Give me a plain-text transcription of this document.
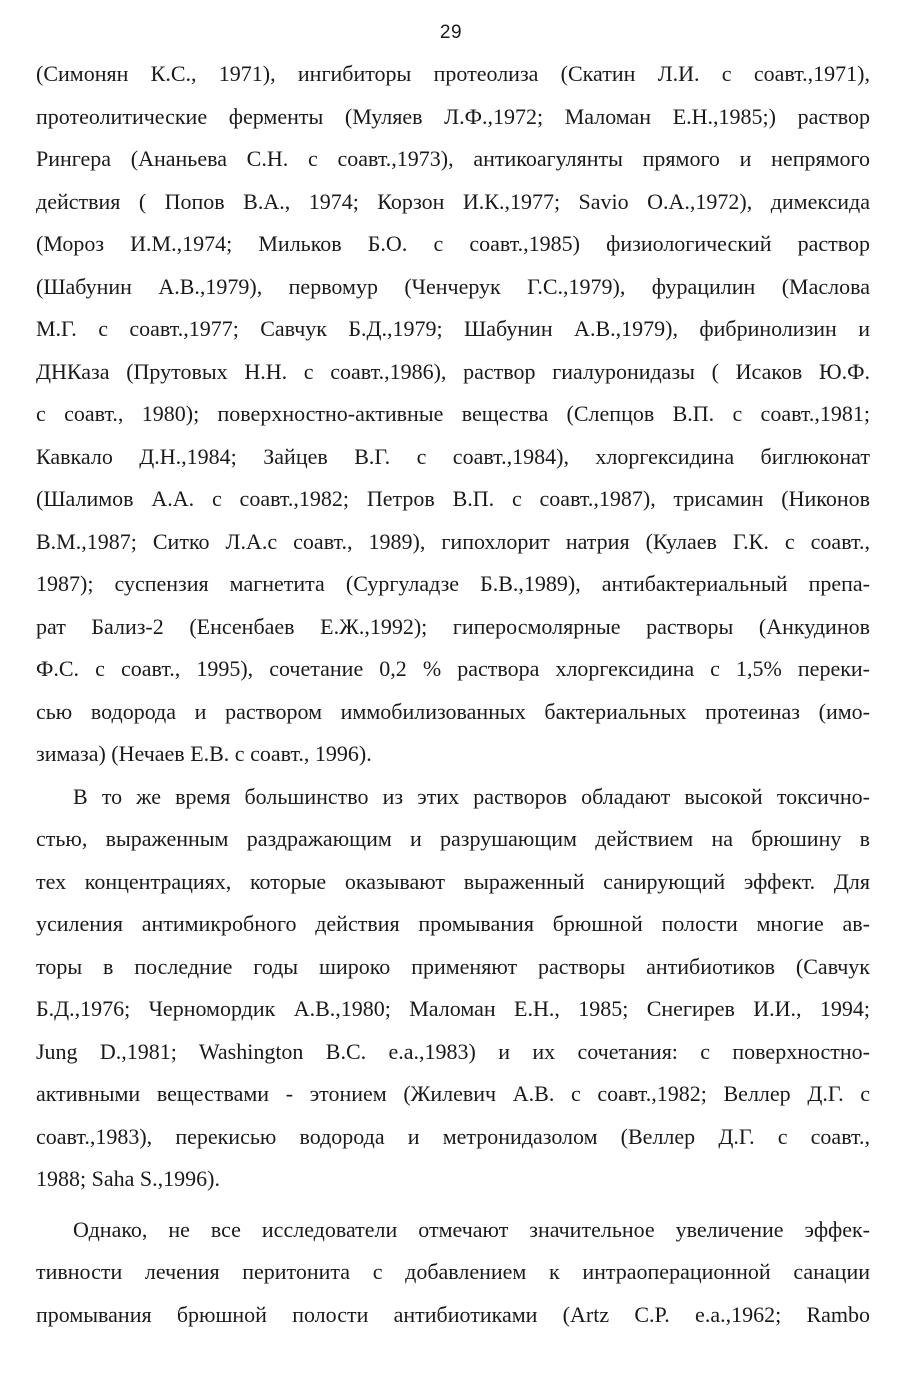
29
(Симонян К.С., 1971), ингибиторы протеолиза (Скатин Л.И. с соавт.,1971),
протеолитические ферменты (Муляев Л.Ф.,1972; Маломан Е.Н.,1985;) раствор
Рингера (Ананьева С.Н. с соавт.,1973), антикоагулянты прямого и непрямого
действия ( Попов В.А., 1974; Корзон И.К.,1977; Savio O.A.,1972), димексида
(Мороз И.М.,1974; Мильков Б.О. с соавт.,1985) физиологический раствор
(Шабунин А.В.,1979), первомур (Ченчерук Г.С.,1979), фурацилин (Маслова
М.Г. с соавт.,1977; Савчук Б.Д.,1979; Шабунин А.В.,1979), фибринолизин и
ДНКаза (Прутовых Н.Н. с соавт.,1986), раствор гиалуронидазы ( Исаков Ю.Ф.
с соавт., 1980); поверхностно-активные вещества (Слепцов В.П. с соавт.,1981;
Кавкало Д.Н.,1984; Зайцев В.Г. с соавт.,1984), хлоргексидина биглюконат
(Шалимов А.А. с соавт.,1982; Петров В.П. с соавт.,1987), трисамин (Никонов
В.М.,1987; Ситко Л.А.с соавт., 1989), гипохлорит натрия (Кулаев Г.К. с соавт.,
1987); суспензия магнетита (Сургуладзе Б.В.,1989), антибактериальный препа-
рат Бализ-2 (Енсенбаев Е.Ж.,1992); гиперосмолярные растворы (Анкудинов
Ф.С. с соавт., 1995), сочетание 0,2 % раствора хлоргексидина с 1,5% переки-
сью водорода и раствором иммобилизованных бактериальных протеиназ (имо-
зимаза) (Нечаев Е.В. с соавт., 1996).
В то же время большинство из этих растворов обладают высокой токсично-
стью, выраженным раздражающим и разрушающим действием на брюшину в
тех концентрациях, которые оказывают выраженный санирующий эффект. Для
усиления антимикробного действия промывания брюшной полости многие ав-
торы в последние годы широко применяют растворы антибиотиков (Савчук
Б.Д.,1976; Черномордик А.В.,1980; Маломан Е.Н., 1985; Снегирев И.И., 1994;
Jung D.,1981; Washington B.C. e.a.,1983) и их сочетания: с поверхностно-
активными веществами - этонием (Жилевич А.В. с соавт.,1982; Веллер Д.Г. с
соавт.,1983), перекисью водорода и метронидазолом (Веллер Д.Г. с соавт.,
1988; Saha S.,1996).
Однако, не все исследователи отмечают значительное увеличение эффек-
тивности лечения перитонита с добавлением к интраоперационной санации
промывания брюшной полости антибиотиками (Artz C.P. e.a.,1962; Rambo
